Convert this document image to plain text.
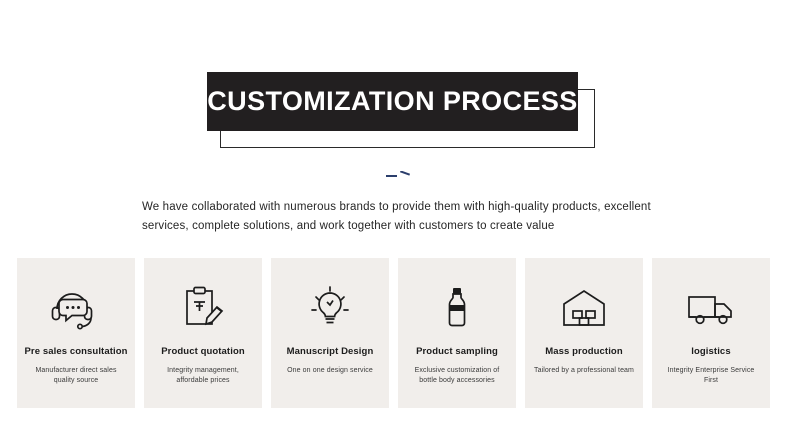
CUSTOMIZATION PROCESS
We have collaborated with numerous brands to provide them with high-quality products, excellent services, complete solutions, and work together with customers to create value
Pre sales consultation
Manufacturer direct sales quality source
Product quotation
Integrity management, affordable prices
Manuscript Design
One on one design service
Product sampling
Exclusive customization of bottle body accessories
Mass production
Tailored by a professional team
logistics
Integrity Enterprise Service First
